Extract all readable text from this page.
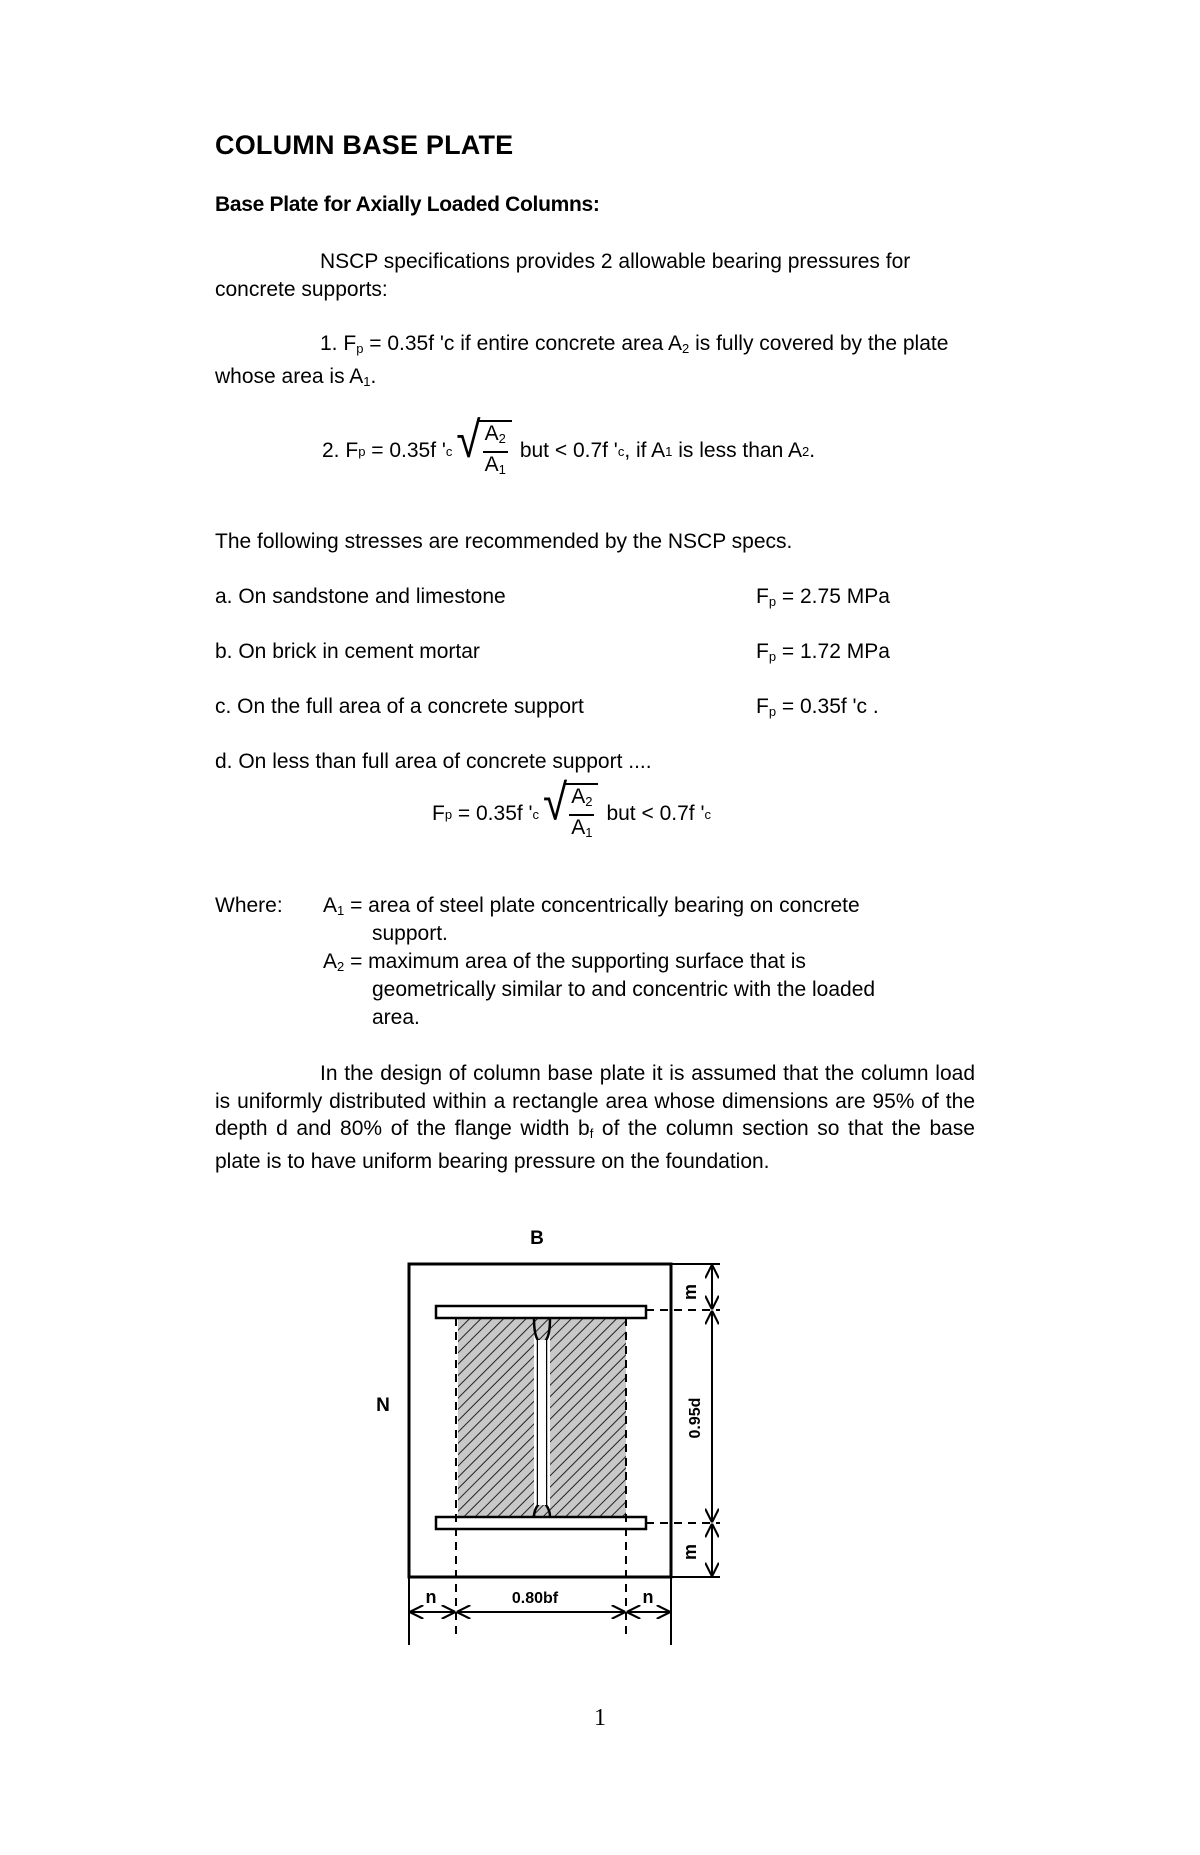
COLUMN BASE PLATE
Base Plate for Axially Loaded Columns:
NSCP specifications provides 2 allowable bearing pressures for concrete supports:
1. $F_p = 0.35f$ 'c if entire concrete area $A_2$ is fully covered by the plate whose area is $A_1$.
2. F p = 0.35f ' c √
$\frac{A_2}{A_1}$ but < 0.7f ' c , if A 1 is less than A 2 .
The following stresses are recommended by the NSCP specs.
a. On sandstone and limestone	$F_p = 2.75$ MPa
b. On brick in cement mortar	$F_p = 1.72$ MPa
c. On the full area of a concrete support	$F_p = 0.35f$ 'c .
d. On less than full area of concrete support ....
F p = 0.35f ' c √
$\frac{A_2}{A_1}$ but < 0.7f ' c
Where: $A_1$ = area of steel plate concentrically bearing on concrete
support.
$A_2$ = maximum area of the supporting surface that is
geometrically similar to and concentric with the loaded
area.
In the design of column base plate it is assumed that the column load is uniformly distributed within a rectangle area whose dimensions are 95% of the depth d and 80% of the flange width $b_f$ of the column section so that the base plate is to have uniform bearing pressure on the foundation.
B
N
m
0.95d
m
n	0.80bf	n
1
